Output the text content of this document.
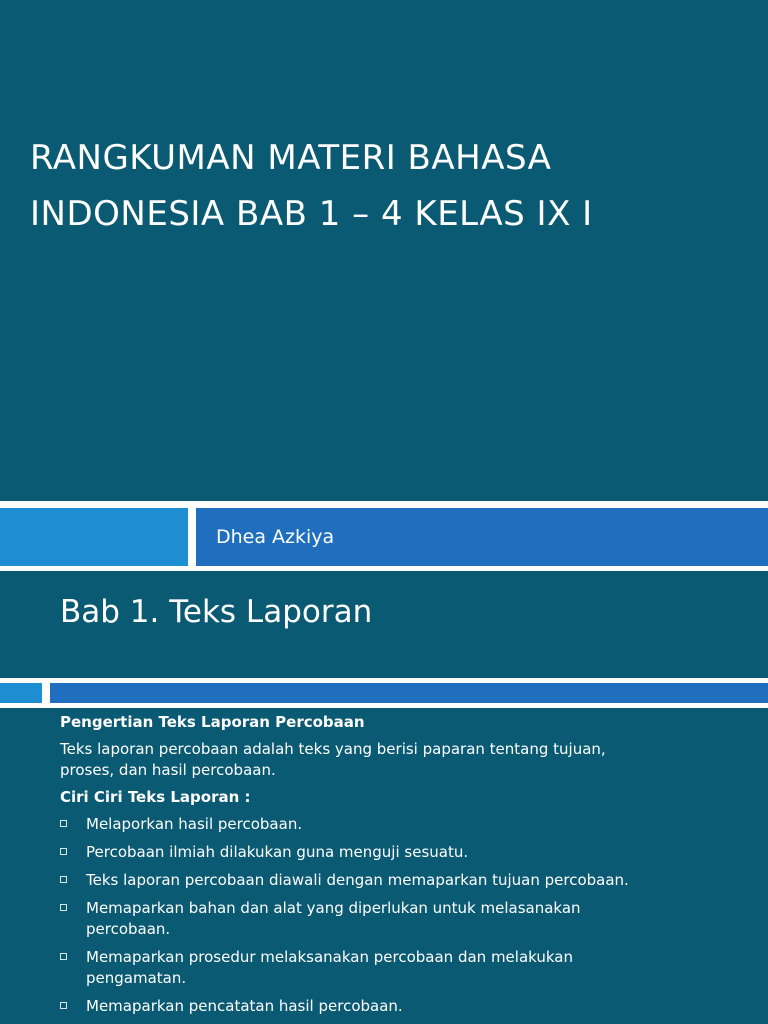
RANGKUMAN MATERI BAHASA
INDONESIA BAB 1 – 4 KELAS IX I
Dhea Azkiya
Bab 1. Teks Laporan

Pengertian Teks Laporan Percobaan

Teks laporan percobaan adalah teks yang berisi paparan tentang tujuan,
proses, dan hasil percobaan.

Ciri Ciri Teks Laporan :

Melaporkan hasil percobaan.
Percobaan ilmiah dilakukan guna menguji sesuatu.
Teks laporan percobaan diawali dengan memaparkan tujuan percobaan.
Memaparkan bahan dan alat yang diperlukan untuk melasanakan
percobaan.
Memaparkan prosedur melaksanakan percobaan dan melakukan
pengamatan.
Memaparkan pencatatan hasil percobaan.
